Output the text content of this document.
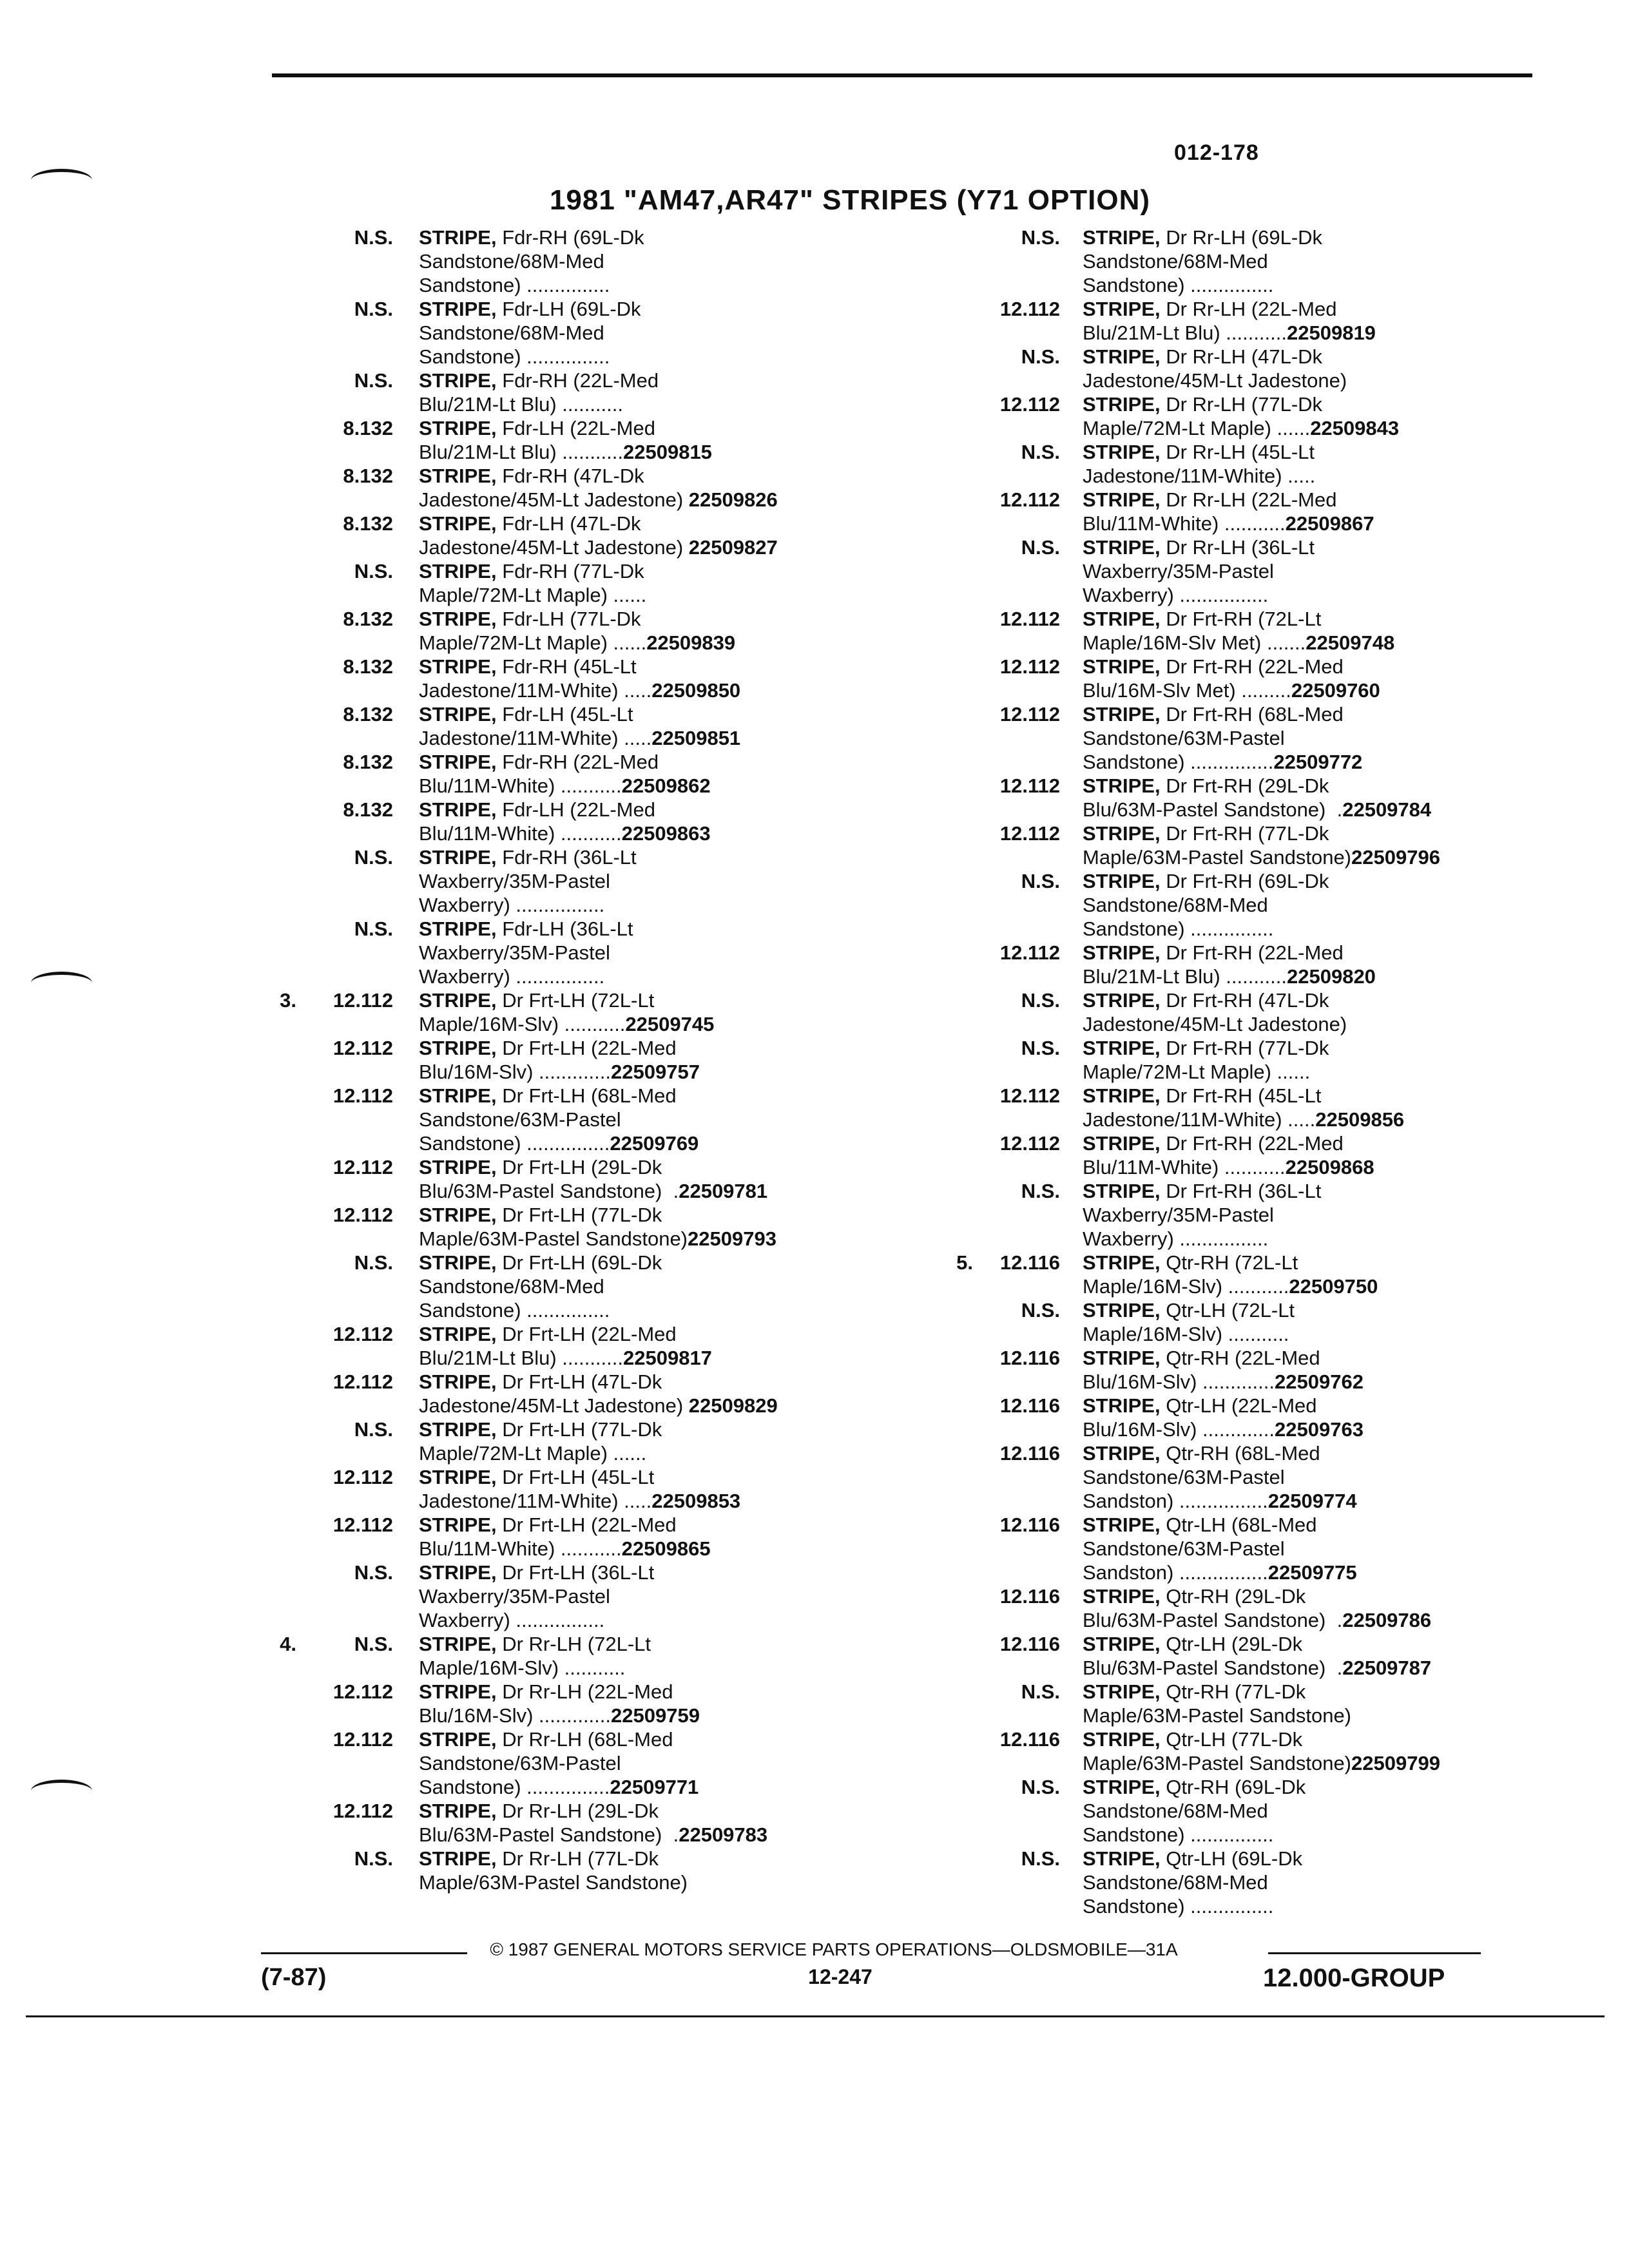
012-178
1981 "AM47,AR47" STRIPES (Y71 OPTION)
N.S. STRIPE, Fdr-RH (69L-Dk
Sandstone/68M-Med
Sandstone) ...............
N.S. STRIPE, Fdr-LH (69L-Dk
Sandstone/68M-Med
Sandstone) ...............
N.S. STRIPE, Fdr-RH (22L-Med
Blu/21M-Lt Blu) ...........
8.132 STRIPE, Fdr-LH (22L-Med
Blu/21M-Lt Blu) ...........22509815
8.132 STRIPE, Fdr-RH (47L-Dk
Jadestone/45M-Lt Jadestone) 22509826
8.132 STRIPE, Fdr-LH (47L-Dk
Jadestone/45M-Lt Jadestone) 22509827
N.S. STRIPE, Fdr-RH (77L-Dk
Maple/72M-Lt Maple) ......
8.132 STRIPE, Fdr-LH (77L-Dk
Maple/72M-Lt Maple) ......22509839
8.132 STRIPE, Fdr-RH (45L-Lt
Jadestone/11M-White) .....22509850
8.132 STRIPE, Fdr-LH (45L-Lt
Jadestone/11M-White) .....22509851
8.132 STRIPE, Fdr-RH (22L-Med
Blu/11M-White) ...........22509862
8.132 STRIPE, Fdr-LH (22L-Med
Blu/11M-White) ...........22509863
N.S. STRIPE, Fdr-RH (36L-Lt
Waxberry/35M-Pastel
Waxberry) ................
N.S. STRIPE, Fdr-LH (36L-Lt
Waxberry/35M-Pastel
Waxberry) ................
3.	12.112 STRIPE, Dr Frt-LH (72L-Lt
Maple/16M-Slv) ...........22509745
12.112 STRIPE, Dr Frt-LH (22L-Med
Blu/16M-Slv) .............22509757
12.112 STRIPE, Dr Frt-LH (68L-Med
Sandstone/63M-Pastel
Sandstone) ...............22509769
12.112 STRIPE, Dr Frt-LH (29L-Dk
Blu/63M-Pastel Sandstone)  .22509781
12.112 STRIPE, Dr Frt-LH (77L-Dk
Maple/63M-Pastel Sandstone)22509793
N.S. STRIPE, Dr Frt-LH (69L-Dk
Sandstone/68M-Med
Sandstone) ...............
12.112 STRIPE, Dr Frt-LH (22L-Med
Blu/21M-Lt Blu) ...........22509817
12.112 STRIPE, Dr Frt-LH (47L-Dk
Jadestone/45M-Lt Jadestone) 22509829
N.S. STRIPE, Dr Frt-LH (77L-Dk
Maple/72M-Lt Maple) ......
12.112 STRIPE, Dr Frt-LH (45L-Lt
Jadestone/11M-White) .....22509853
12.112 STRIPE, Dr Frt-LH (22L-Med
Blu/11M-White) ...........22509865
N.S. STRIPE, Dr Frt-LH (36L-Lt
Waxberry/35M-Pastel
Waxberry) ................
4.	N.S. STRIPE, Dr Rr-LH (72L-Lt
Maple/16M-Slv) ...........
12.112 STRIPE, Dr Rr-LH (22L-Med
Blu/16M-Slv) .............22509759
12.112 STRIPE, Dr Rr-LH (68L-Med
Sandstone/63M-Pastel
Sandstone) ...............22509771
12.112 STRIPE, Dr Rr-LH (29L-Dk
Blu/63M-Pastel Sandstone)  .22509783
N.S. STRIPE, Dr Rr-LH (77L-Dk
Maple/63M-Pastel Sandstone)
N.S. STRIPE, Dr Rr-LH (69L-Dk
Sandstone/68M-Med
Sandstone) ...............
12.112 STRIPE, Dr Rr-LH (22L-Med
Blu/21M-Lt Blu) ...........22509819
N.S. STRIPE, Dr Rr-LH (47L-Dk
Jadestone/45M-Lt Jadestone)
12.112 STRIPE, Dr Rr-LH (77L-Dk
Maple/72M-Lt Maple) ......22509843
N.S. STRIPE, Dr Rr-LH (45L-Lt
Jadestone/11M-White) .....
12.112 STRIPE, Dr Rr-LH (22L-Med
Blu/11M-White) ...........22509867
N.S. STRIPE, Dr Rr-LH (36L-Lt
Waxberry/35M-Pastel
Waxberry) ................
12.112 STRIPE, Dr Frt-RH (72L-Lt
Maple/16M-Slv Met) .......22509748
12.112 STRIPE, Dr Frt-RH (22L-Med
Blu/16M-Slv Met) .........22509760
12.112 STRIPE, Dr Frt-RH (68L-Med
Sandstone/63M-Pastel
Sandstone) ...............22509772
12.112 STRIPE, Dr Frt-RH (29L-Dk
Blu/63M-Pastel Sandstone)  .22509784
12.112 STRIPE, Dr Frt-RH (77L-Dk
Maple/63M-Pastel Sandstone)22509796
N.S. STRIPE, Dr Frt-RH (69L-Dk
Sandstone/68M-Med
Sandstone) ...............
12.112 STRIPE, Dr Frt-RH (22L-Med
Blu/21M-Lt Blu) ...........22509820
N.S. STRIPE, Dr Frt-RH (47L-Dk
Jadestone/45M-Lt Jadestone)
N.S. STRIPE, Dr Frt-RH (77L-Dk
Maple/72M-Lt Maple) ......
12.112 STRIPE, Dr Frt-RH (45L-Lt
Jadestone/11M-White) .....22509856
12.112 STRIPE, Dr Frt-RH (22L-Med
Blu/11M-White) ...........22509868
N.S. STRIPE, Dr Frt-RH (36L-Lt
Waxberry/35M-Pastel
Waxberry) ................
5.	12.116 STRIPE, Qtr-RH (72L-Lt
Maple/16M-Slv) ...........22509750
N.S. STRIPE, Qtr-LH (72L-Lt
Maple/16M-Slv) ...........
12.116 STRIPE, Qtr-RH (22L-Med
Blu/16M-Slv) .............22509762
12.116 STRIPE, Qtr-LH (22L-Med
Blu/16M-Slv) .............22509763
12.116 STRIPE, Qtr-RH (68L-Med
Sandstone/63M-Pastel
Sandston) ................22509774
12.116 STRIPE, Qtr-LH (68L-Med
Sandstone/63M-Pastel
Sandston) ................22509775
12.116 STRIPE, Qtr-RH (29L-Dk
Blu/63M-Pastel Sandstone)  .22509786
12.116 STRIPE, Qtr-LH (29L-Dk
Blu/63M-Pastel Sandstone)  .22509787
N.S. STRIPE, Qtr-RH (77L-Dk
Maple/63M-Pastel Sandstone)
12.116 STRIPE, Qtr-LH (77L-Dk
Maple/63M-Pastel Sandstone)22509799
N.S. STRIPE, Qtr-RH (69L-Dk
Sandstone/68M-Med
Sandstone) ...............
N.S. STRIPE, Qtr-LH (69L-Dk
Sandstone/68M-Med
Sandstone) ...............
© 1987 GENERAL MOTORS SERVICE PARTS OPERATIONS—OLDSMOBILE—31A
(7-87)	12-247	12.000-GROUP
